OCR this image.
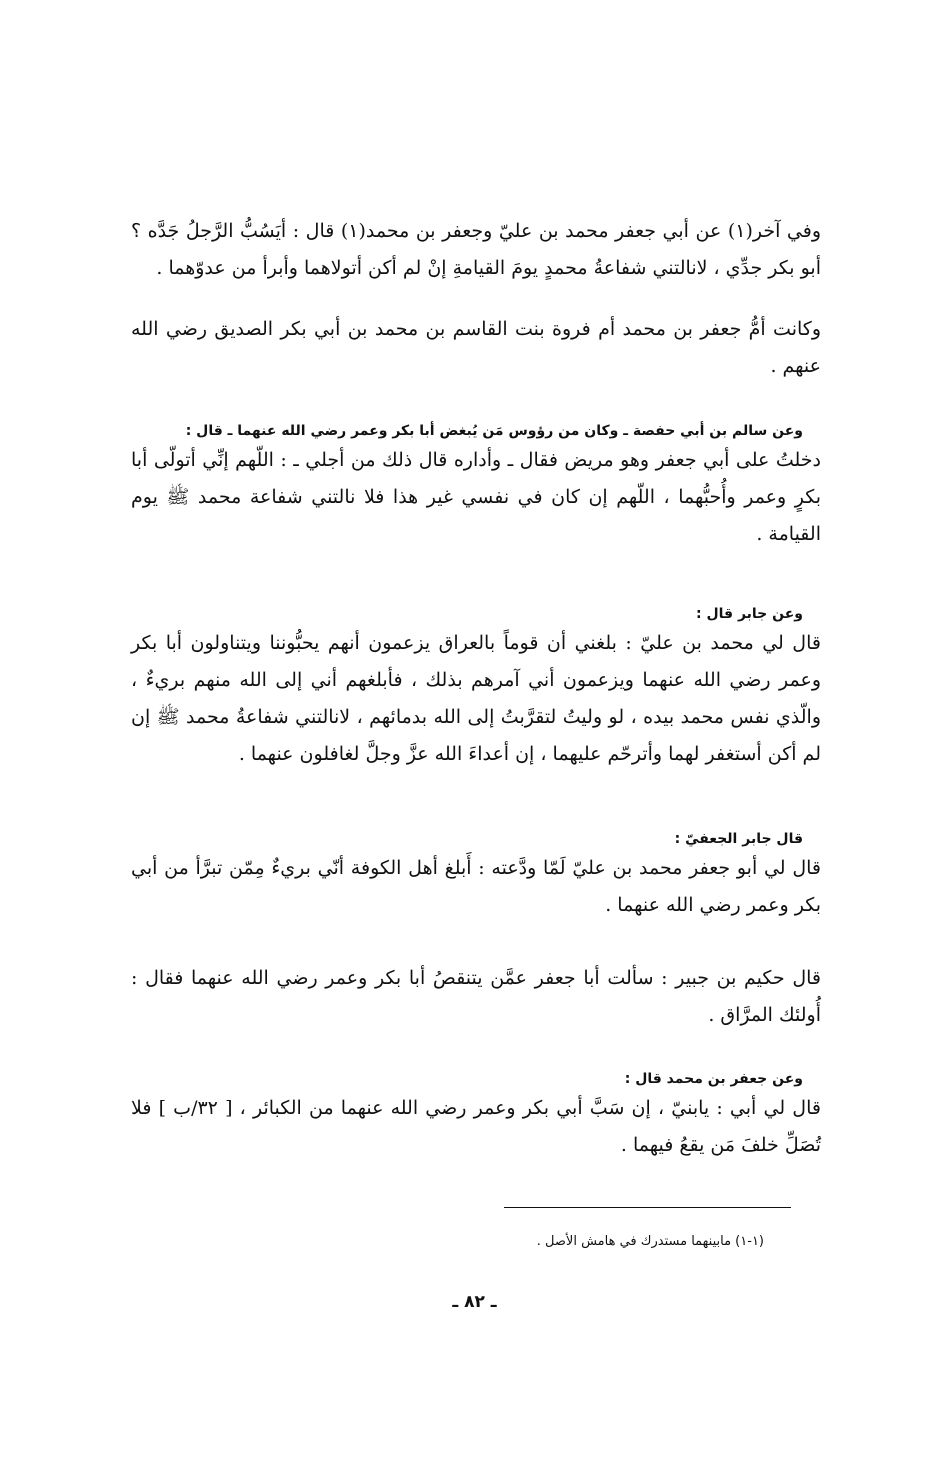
وفي آخر(١) عن أبي جعفر محمد بن عليّ وجعفر بن محمد(١) قال : أيَسُبُّ الرَّجلُ جَدَّه ؟ أبو بكر جدِّي ، لانالتني شفاعةُ محمدٍ يومَ القيامةِ إنْ لم أكن أتولاهما وأبرأ من عدوّهما .

وكانت أمُّ جعفر بن محمد أم فروة بنت القاسم بن محمد بن أبي بكر الصديق رضي الله عنهم .

وعن سالم بن أبي حفصة ـ وكان من رؤوس مَن يُبغض أبا بكر وعمر رضي الله عنهما ـ قال :

دخلتُ على أبي جعفر وهو مريض فقال ـ وأداره قال ذلك من أجلي ـ : اللّهم إنِّي أتولّى أبا بكرٍ وعمر وأُحبُّهما ، اللّهم إن كان في نفسي غير هذا فلا نالتني شفاعة محمد ﷺ يوم القيامة .

وعن جابر قال :

قال لي محمد بن عليّ : بلغني أن قوماً بالعراق يزعمون أنهم يحبُّوننا ويتناولون أبا بكر وعمر رضي الله عنهما ويزعمون أني آمرهم بذلك ، فأبلغهم أني إلى الله منهم بريءٌ ، والّذي نفس محمد بيده ، لو وليتُ لتقرَّبتُ إلى الله بدمائهم ، لانالتني شفاعةُ محمد ﷺ إن لم أكن أستغفر لهما وأترحّم عليهما ، إن أعداءَ الله عزَّ وجلَّ لغافلون عنهما .

قال جابر الجعفيّ :

قال لي أبو جعفر محمد بن عليّ لَمّا ودَّعته : أَبلغ أهل الكوفة أنّي بريءٌ مِمّن تبرَّأ من أبي بكر وعمر رضي الله عنهما .

قال حكيم بن جبير : سألت أبا جعفر عمَّن يتنقصُ أبا بكر وعمر رضي الله عنهما فقال : أُولئك المرَّاق .

وعن جعفر بن محمد قال :

قال لي أبي : يابنيّ ، إن سَبَّ أبي بكر وعمر رضي الله عنهما من الكبائر ، [ ٣٢/ب ] فلا تُصَلِّ خلفَ مَن يقعُ فيهما .

(١-١) مابينهما مستدرك في هامش الأصل .
ـ ٨٢ ـ
